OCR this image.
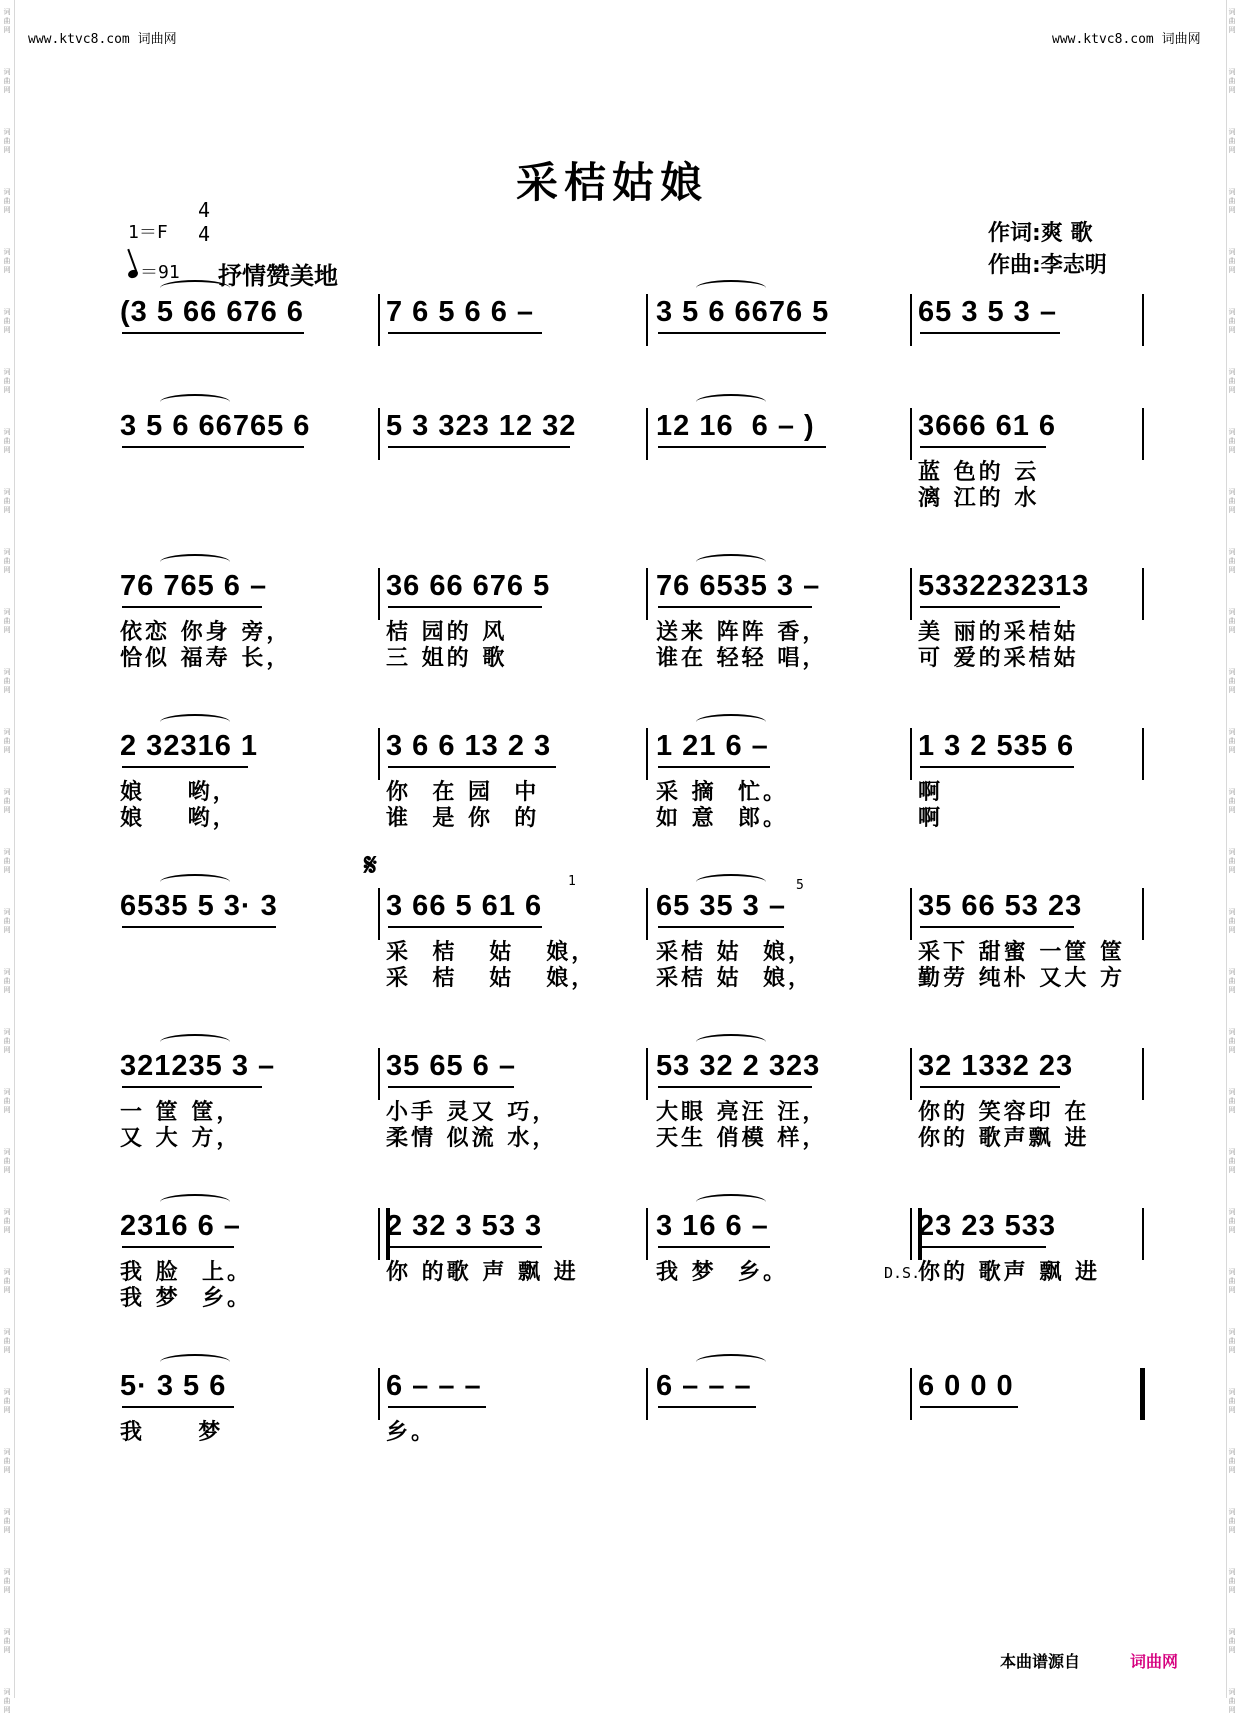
词
曲
网
词
曲
网
词
曲
网
词
曲
网
词
曲
网
词
曲
网
词
曲
网
词
曲
网
词
曲
网
词
曲
网
词
曲
网
词
曲
网
词
曲
网
词
曲
网
词
曲
网
词
曲
网
词
曲
网
词
曲
网
词
曲
网
词
曲
网
词
曲
网
词
曲
网
词
曲
网
词
曲
网
词
曲
网
词
曲
网
词
曲
网
词
曲
网
词
曲
网
词
曲
网
词
曲
网
词
曲
网
词
曲
网
词
曲
网
词
曲
网
词
曲
网
词
曲
网
词
曲
网
词
曲
网
词
曲
网
词
曲
网
词
曲
网
词
曲
网
词
曲
网
词
曲
网
词
曲
网
词
曲
网
词
曲
网
词
曲
网
词
曲
网
词
曲
网
词
曲
网
词
曲
网
词
曲
网
词
曲
网
词
曲
网
词
曲
网
词
曲
网
www.ktvc8.com 词曲网	www.ktvc8.com 词曲网
采桔姑娘
1＝F
4
4
＝91 抒情赞美地
作词:爽 歌
作曲:李志明
(3 5 66 676 6	7 6 5 6 6 –	3 5 6 6676 5	65 3 5 3 –
3 5 6 66765 6	5 3 323 12 32	12 16  6 – )	3666 61 6
蓝 色的 云
漓 江的 水
76 765 6 –	36 66 676 5	76 6535 3 –	5332232313
依恋 你身 旁，	桔 园的 风	送来 阵阵 香，	美 丽的采桔姑
恰似 福寿 长，	三 姐的 歌	谁在 轻轻 唱，	可 爱的采桔姑
2 32316 1	3 6 6 13 2 3	1 21 6 –	1 3 2 535 6
娘    哟，	你  在 园  中	采 摘  忙。	啊
娘    哟，	谁  是 你  的	如 意  郎。	啊
6535 5 3· 3	3 66 5 61 6	65 35 3 –	35 66 53 23
采  桔   姑   娘，	采桔 姑  娘，	采下 甜蜜 一筐 筐
采  桔   姑   娘，	采桔 姑  娘，	勤劳 纯朴 又大 方
321235 3 –	35 65 6 –	53 32 2 323	32 1332 23
一 筐 筐，	小手 灵又 巧，	大眼 亮汪 汪，	你的 笑容印 在
又 大 方，	柔情 似流 水，	天生 俏模 样，	你的 歌声飘 进
2316 6 –	2 32 3 53 3	3 16 6 –	23 23 533
我 脸  上。	你 的歌 声 飘 进	我 梦  乡。	你的 歌声 飘 进
我 梦  乡。
5· 3 5 6	6 – – –	6 – – –	6 0 0 0
我     梦	乡。
𝄋	1	5
D.S.
本曲谱源自	词曲网
